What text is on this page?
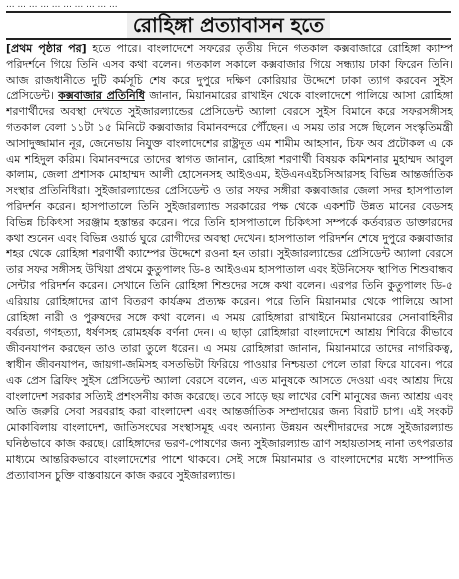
... ... ... ... ... ... ... ... ... ...
রোহিঙ্গা প্রত্যাবাসন হতে

[প্রথম পৃষ্ঠার পর] হতে পারে। বাংলাদেশে সফরের তৃতীয় দিনে গতকাল কক্সবাজারে রোহিঙ্গা ক্যাম্প পরিদর্শনে গিয়ে তিনি এসব কথা বলেন। গতকাল সকালে কক্সবাজার গিয়ে সন্ধ্যায় ঢাকা ফিরেন তিনি। আজ রাজধানীতে দুটি কর্মসূচি শেষ করে দুপুরে দক্ষিণ কোরিয়ার উদ্দেশে ঢাকা ত্যাগ করবেন সুইস প্রেসিডেন্ট। কক্সবাজার প্রতিনিধি জানান, মিয়ানমারের রাখাইন থেকে বাংলাদেশে পালিয়ে আসা রোহিঙ্গা শরণার্থীদের অবস্থা দেখতে সুইজারল্যান্ডের প্রেসিডেন্ট অ্যালা বেরসে সুইস বিমানে করে সফরসঙ্গীসহ গতকাল বেলা ১১টা ১৫ মিনিটে কক্সবাজার বিমানবন্দরে পৌঁছেন। এ সময় তার সঙ্গে ছিলেন সংস্কৃতিমন্ত্রী আসাদুজ্জামান নূর, জেনেভায় নিযুক্ত বাংলাদেশের রাষ্ট্রদূত এম শামীম আহসান, চিফ অব প্রটোকল এ কে এম শহিদুল করিম। বিমানবন্দরে তাদের স্বাগত জানান, রোহিঙ্গা শরণার্থী বিষয়ক কমিশনার মুহাম্মদ আবুল কালাম, জেলা প্রশাসক মোহাম্মদ আলী হোসেনসহ আইওএম, ইউএনএইচসিআরসহ বিভিন্ন আন্তর্জাতিক সংস্থার প্রতিনিধিরা। সুইজারল্যান্ডের প্রেসিডেন্ট ও তার সফর সঙ্গীরা কক্সবাজার জেলা সদর হাসপাতাল পরিদর্শন করেন। হাসপাতালে তিনি সুইজারল্যান্ড সরকারের পক্ষ থেকে একশটি উন্নত মানের বেডসহ বিভিন্ন চিকিৎসা সরঞ্জাম হস্তান্তর করেন। পরে তিনি হাসপাতালে চিকিৎসা সম্পর্কে কর্তব্যরত ডাক্তারদের কথা শুনেন এবং বিভিন্ন ওয়ার্ড ঘুরে রোগীদের অবস্থা দেখেন। হাসপাতাল পরিদর্শন শেষে দুপুরে কক্সবাজার শহর থেকে রোহিঙ্গা শরণার্থী ক্যাম্পের উদ্দেশে রওনা হন তারা। সুইজারল্যান্ডের প্রেসিডেন্ট অ্যালা বেরসে তার সফর সঙ্গীসহ উখিয়া প্রথমে কুতুপালং ডি-৪ আইওএম হাসপাতাল এবং ইউনিসেফ স্থাপিত শিশুবান্ধব সেন্টার পরিদর্শন করেন। সেখানে তিনি রোহিঙ্গা শিশুদের সঙ্গে কথা বলেন। এরপর তিনি কুতুপালং ডি-৫ এরিয়ায় রোহিঙ্গাদের ত্রাণ বিতরণ কার্যক্রম প্রত্যক্ষ করেন। পরে তিনি মিয়ানমার থেকে পালিয়ে আসা রোহিঙ্গা নারী ও পুরুষদের সঙ্গে কথা বলেন। এ সময় রোহিঙ্গারা রাখাইনে মিয়ানমারের সেনাবাহিনীর বর্বরতা, গণহত্যা, ধর্ষণসহ রোমহর্ষক বর্ণনা দেন। এ ছাড়া রোহিঙ্গারা বাংলাদেশে আশ্রয় শিবিরে কীভাবে জীবনযাপন করছেন তাও তারা তুলে ধরেন। এ সময় রোহিঙ্গারা জানান, মিয়ানমারে তাদের নাগরিকত্ব, স্বাধীন জীবনযাপন, জায়গা-জমিসহ বসতভিটা ফিরিয়ে পাওয়ার নিশ্চয়তা পেলে তারা ফিরে যাবেন। পরে এক প্রেস ব্রিফিং সুইস প্রেসিডেন্ট অ্যালা বেরসে বলেন, এত মানুষকে আসতে দেওয়া এবং আশ্রয় দিয়ে বাংলাদেশ সরকার সত্যিই প্রশংসনীয় কাজ করেছে। তবে সাড়ে ছয় লাখের বেশি মানুষের জন্য আশ্রয় এবং অতি জরুরি সেবা সরবরাহ করা বাংলাদেশ এবং আন্তর্জাতিক সম্প্রদায়ের জন্য বিরাট চাপ। এই সংকট মোকাবিলায় বাংলাদেশ, জাতিসংঘের সংস্থাসমূহ এবং অন্যান্য উন্নয়ন অংশীদারদের সঙ্গে সুইজারল্যান্ড ঘনিষ্ঠভাবে কাজ করছে। রোহিঙ্গাদের ভরণ-পোষণের জন্য সুইজারল্যান্ড ত্রাণ সহায়তাসহ নানা তৎপরতার মাধ্যমে আন্তরিকভাবে বাংলাদেশের পাশে থাকবে। সেই সঙ্গে মিয়ানমার ও বাংলাদেশের মধ্যে সম্পাদিত প্রত্যাবাসন চুক্তি বাস্তবায়নে কাজ করবে সুইজারল্যান্ড।
